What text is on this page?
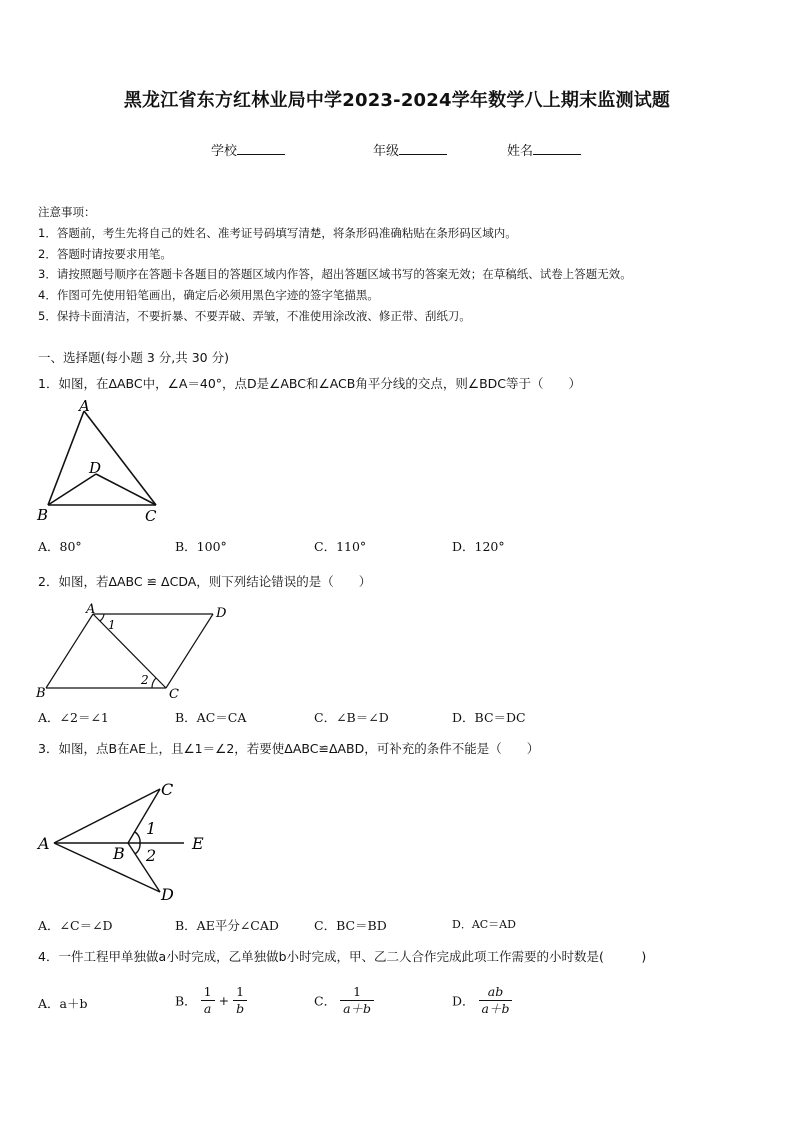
黑龙江省东方红林业局中学2023-2024学年数学八上期末监测试题
学校	年级	姓名
注意事项：
1．答题前，考生先将自己的姓名、准考证号码填写清楚，将条形码准确粘贴在条形码区域内。
2．答题时请按要求用笔。
3．请按照题号顺序在答题卡各题目的答题区域内作答，超出答题区域书写的答案无效；在草稿纸、试卷上答题无效。
4．作图可先使用铅笔画出，确定后必须用黑色字迹的签字笔描黑。
5．保持卡面清洁，不要折暴、不要弄破、弄皱，不准使用涂改液、修正带、刮纸刀。
一、选择题(每小题 3 分,共 30 分)
1．如图，在ΔABC中，∠A＝40°，点D是∠ABC和∠ACB角平分线的交点，则∠BDC等于（　　）
A
B	C
D
A．80°	B．100°	C．110°	D．120°
2．如图，若ΔABC ≌ ΔCDA，则下列结论错误的是（　　）
A	D
B	C
1
2
A．∠2＝∠1	B．AC＝CA	C．∠B＝∠D	D．BC＝DC
3．如图，点B在AE上，且∠1＝∠2，若要使ΔABC≌ΔABD，可补充的条件不能是（　　）
C
A
B
E
D
1
2
A．∠C＝∠D	B．AE平分∠CAD	C．BC＝BD	D．AC＝AD
4．一件工程甲单独做a小时完成，乙单独做b小时完成，甲、乙二人合作完成此项工作需要的小时数是(　　　)
A．a＋b	B． $\frac{1}{a} + \frac{1}{b}$	C． $\frac{1}{a+b}$	D． $\frac{ab}{a+b}$
